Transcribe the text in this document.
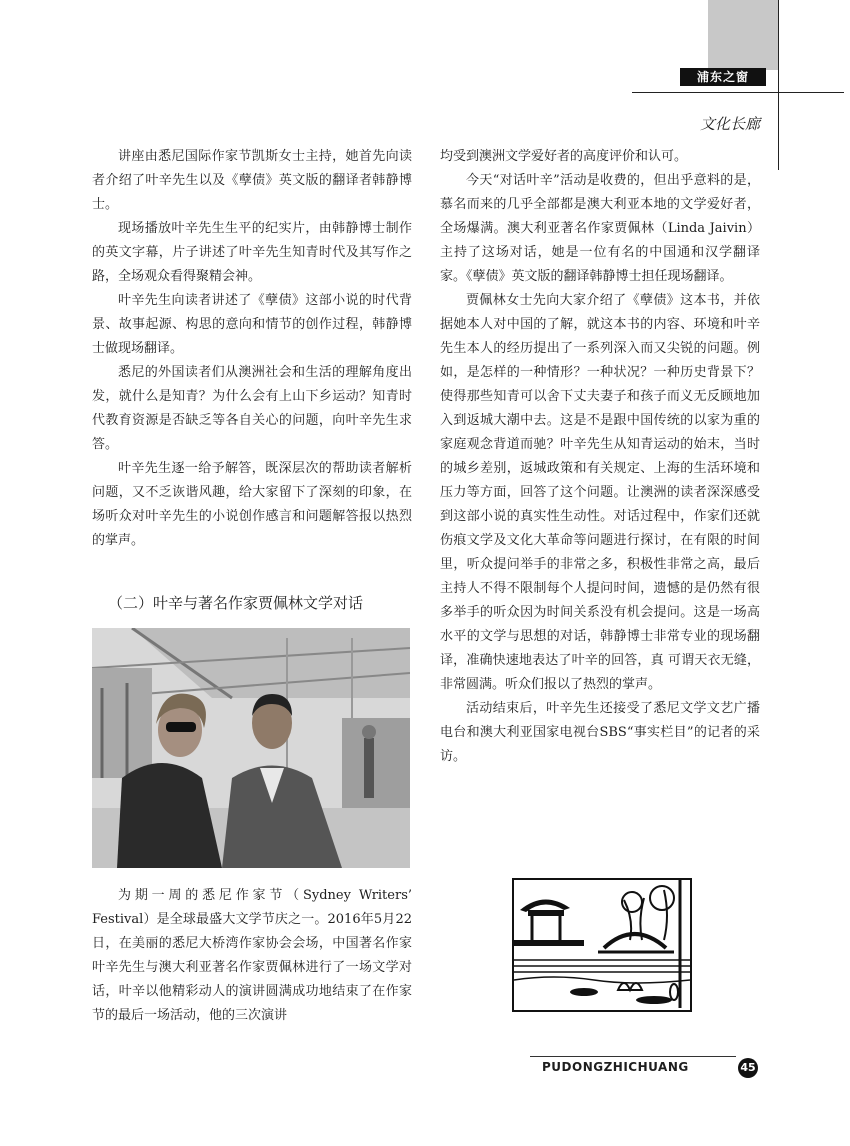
浦东之窗
文化长廊

讲座由悉尼国际作家节凯斯女士主持，她首先向读者介绍了叶辛先生以及《孽债》英文版的翻译者韩静博士。

现场播放叶辛先生生平的纪实片，由韩静博士制作的英文字幕，片子讲述了叶辛先生知青时代及其写作之路，全场观众看得聚精会神。

叶辛先生向读者讲述了《孽债》这部小说的时代背景、故事起源、构思的意向和情节的创作过程，韩静博士做现场翻译。

悉尼的外国读者们从澳洲社会和生活的理解角度出发，就什么是知青？为什么会有上山下乡运动？知青时代教育资源是否缺乏等各自关心的问题，向叶辛先生求答。

叶辛先生逐一给予解答，既深层次的帮助读者解析问题，又不乏诙谐风趣，给大家留下了深刻的印象，在场听众对叶辛先生的小说创作感言和问题解答报以热烈的掌声。

（二）叶辛与著名作家贾佩林文学对话

为期一周的悉尼作家节（Sydney Writers’ Festival）是全球最盛大文学节庆之一。2016年5月22日，在美丽的悉尼大桥湾作家协会会场，中国著名作家叶辛先生与澳大利亚著名作家贾佩林进行了一场文学对话，叶辛以他精彩动人的演讲圆满成功地结束了在作家节的最后一场活动，他的三次演讲

均受到澳洲文学爱好者的高度评价和认可。

今天“对话叶辛”活动是收费的，但出乎意料的是，慕名而来的几乎全部都是澳大利亚本地的文学爱好者，全场爆满。澳大利亚著名作家贾佩林（Linda Jaivin）主持了这场对话，她是一位有名的中国通和汉学翻译家。《孽债》英文版的翻译韩静博士担任现场翻译。

贾佩林女士先向大家介绍了《孽债》这本书，并依据她本人对中国的了解，就这本书的内容、环境和叶辛先生本人的经历提出了一系列深入而又尖锐的问题。例如，是怎样的一种情形？一种状况？一种历史背景下？使得那些知青可以舍下丈夫妻子和孩子而义无反顾地加入到返城大潮中去。这是不是跟中国传统的以家为重的家庭观念背道而驰？叶辛先生从知青运动的始末，当时的城乡差别，返城政策和有关规定、上海的生活环境和压力等方面，回答了这个问题。让澳洲的读者深深感受到这部小说的真实性生动性。对话过程中，作家们还就伤痕文学及文化大革命等问题进行探讨，在有限的时间里，听众提问举手的非常之多，积极性非常之高，最后主持人不得不限制每个人提问时间，遗憾的是仍然有很多举手的听众因为时间关系没有机会提问。这是一场高水平的文学与思想的对话，韩静博士非常专业的现场翻译，准确快速地表达了叶辛的回答，真 可谓天衣无缝，非常圆满。听众们报以了热烈的掌声。

活动结束后，叶辛先生还接受了悉尼文学文艺广播电台和澳大利亚国家电视台SBS“事实栏目”的记者的采访。

PUDONGZHICHUANG	45
